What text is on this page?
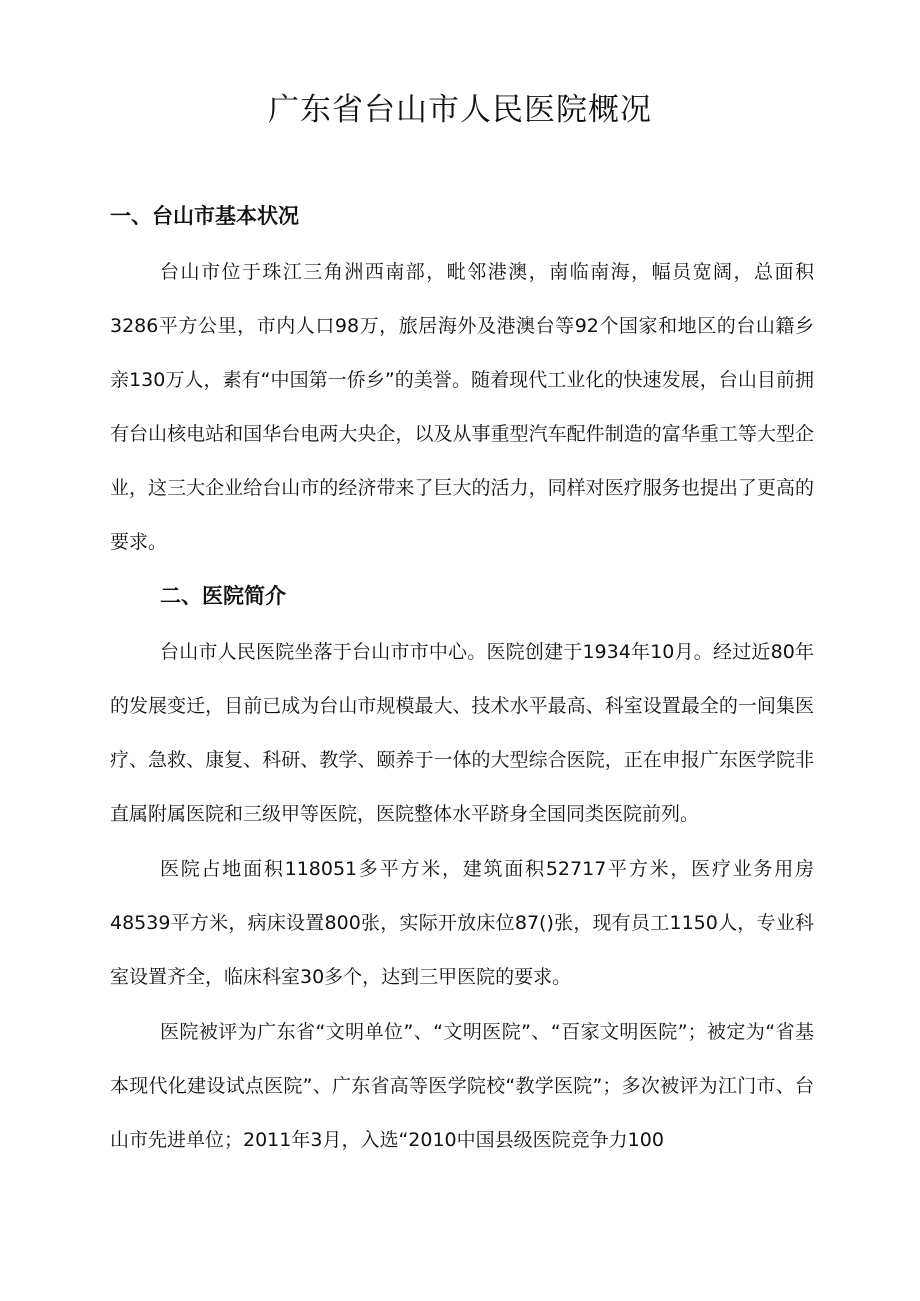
广东省台山市人民医院概况
一、台山市基本状况

台山市位于珠江三角洲西南部，毗邻港澳，南临南海，幅员宽阔，总面积3286平方公里，市内人口98万，旅居海外及港澳台等92个国家和地区的台山籍乡亲130万人，素有“中国第一侨乡”的美誉。随着现代工业化的快速发展，台山目前拥有台山核电站和国华台电两大央企，以及从事重型汽车配件制造的富华重工等大型企业，这三大企业给台山市的经济带来了巨大的活力，同样对医疗服务也提出了更高的要求。

二、医院简介

台山市人民医院坐落于台山市市中心。医院创建于1934年10月。经过近80年的发展变迁，目前已成为台山市规模最大、技术水平最高、科室设置最全的一间集医疗、急救、康复、科研、教学、颐养于一体的大型综合医院，正在申报广东医学院非直属附属医院和三级甲等医院，医院整体水平跻身全国同类医院前列。

医院占地面积118051多平方米，建筑面积52717平方米，医疗业务用房48539平方米，病床设置800张，实际开放床位87()张，现有员工1150人，专业科室设置齐全，临床科室30多个，达到三甲医院的要求。

医院被评为广东省“文明单位”、“文明医院”、“百家文明医院”；被定为“省基本现代化建设试点医院”、广东省高等医学院校“教学医院”；多次被评为江门市、台山市先进单位；2011年3月，入选“2010中国县级医院竞争力100
